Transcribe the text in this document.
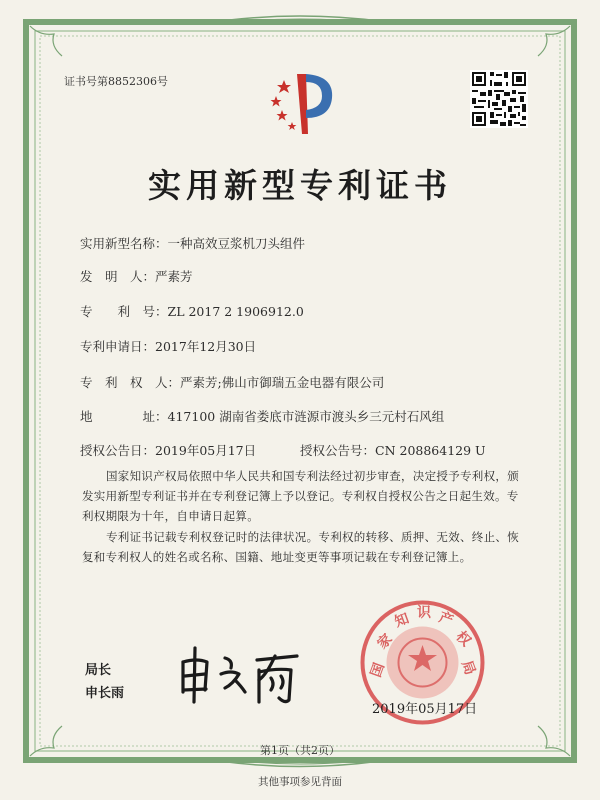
证书号第8852306号
实用新型专利证书
实用新型名称：一种高效豆浆机刀头组件
发　明　人：严素芳
专　　利　号：ZL 2017 2 1906912.0
专利申请日：2017年12月30日
专　利　权　人：严素芳;佛山市御瑞五金电器有限公司
地　　　　址：417100 湖南省娄底市涟源市渡头乡三元村石风组
授权公告日：2019年05月17日	授权公告号：CN 208864129 U
国家知识产权局依照中华人民共和国专利法经过初步审查，决定授予专利权，颁发实用新型专利证书并在专利登记簿上予以登记。专利权自授权公告之日起生效。专利权期限为十年，自申请日起算。
专利证书记载专利权登记时的法律状况。专利权的转移、质押、无效、终止、恢复和专利权人的姓名或名称、国籍、地址变更等事项记载在专利登记簿上。
局长
申长雨
国
家
知 识 产
权
局
2019年05月17日
第1页（共2页）
其他事项参见背面
